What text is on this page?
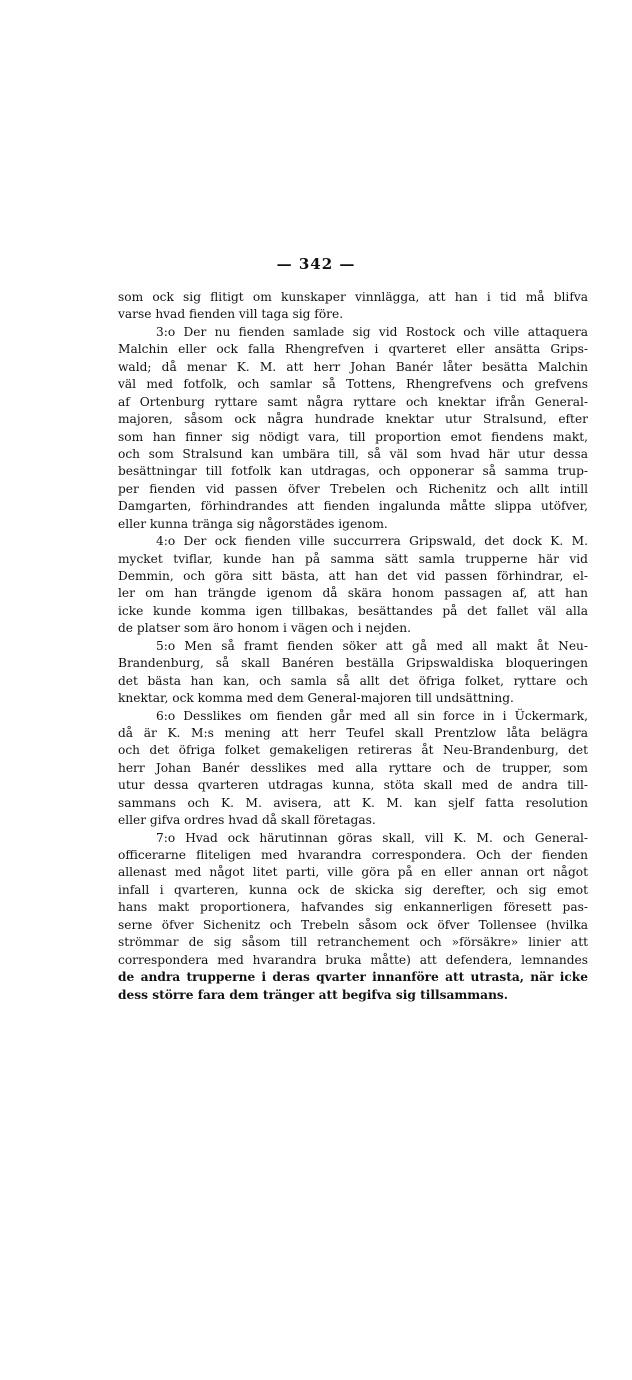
— 342 —
som ock sig flitigt om kunskaper vinnlägga, att han i tid må blifva
varse hvad fienden vill taga sig före.
3:o Der nu fienden samlade sig vid Rostock och ville attaquera
Malchin eller ock falla Rhengrefven i qvarteret eller ansätta Grips-
wald; då menar K. M. att herr Johan Banér låter besätta Malchin
väl med fotfolk, och samlar så Tottens, Rhengrefvens och grefvens
af Ortenburg ryttare samt några ryttare och knektar ifrån General-
majoren, såsom ock några hundrade knektar utur Stralsund, efter
som han finner sig nödigt vara, till proportion emot fiendens makt,
och som Stralsund kan umbära till, så väl som hvad här utur dessa
besättningar till fotfolk kan utdragas, och opponerar så samma trup-
per fienden vid passen öfver Trebelen och Richenitz och allt intill
Damgarten, förhindrandes att fienden ingalunda måtte slippa utöfver,
eller kunna tränga sig någorstädes igenom.
4:o Der ock fienden ville succurrera Gripswald, det dock K. M.
mycket tviflar, kunde han på samma sätt samla trupperne här vid
Demmin, och göra sitt bästa, att han det vid passen förhindrar, el-
ler om han trängde igenom då skära honom passagen af, att han
icke kunde komma igen tillbakas, besättandes på det fallet väl alla
de platser som äro honom i vägen och i nejden.
5:o Men så framt fienden söker att gå med all makt åt Neu-
Brandenburg, så skall Banéren beställa Gripswaldiska bloqueringen
det bästa han kan, och samla så allt det öfriga folket, ryttare och
knektar, ock komma med dem General-majoren till undsättning.
6:o Desslikes om fienden går med all sin force in i Ückermark,
då är K. M:s mening att herr Teufel skall Prentzlow låta belägra
och det öfriga folket gemakeligen retireras åt Neu-Brandenburg, det
herr Johan Banér desslikes med alla ryttare och de trupper, som
utur dessa qvarteren utdragas kunna, stöta skall med de andra till-
sammans och K. M. avisera, att K. M. kan sjelf fatta resolution
eller gifva ordres hvad då skall företagas.
7:o Hvad ock härutinnan göras skall, vill K. M. och General-
officerarne fliteligen med hvarandra correspondera. Och der fienden
allenast med något litet parti, ville göra på en eller annan ort något
infall i qvarteren, kunna ock de skicka sig derefter, och sig emot
hans makt proportionera, hafvandes sig enkannerligen föresett pas-
serne öfver Sichenitz och Trebeln såsom ock öfver Tollensee (hvilka
strömmar de sig såsom till retranchement och »försäkre» linier att
correspondera med hvarandra bruka måtte) att defendera, lemnandes
de andra trupperne i deras qvarter innanföre att utrasta, när icke
dess större fara dem tränger att begifva sig tillsammans.
